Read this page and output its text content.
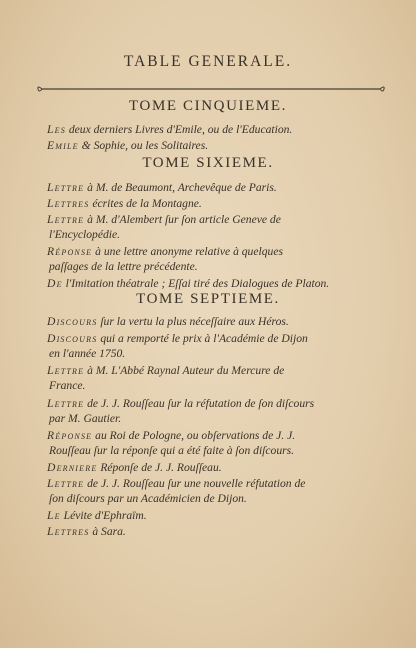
TABLE GENERALE.
TOME CINQUIEME.
Les deux derniers Livres d'Emile, ou de l'Education.
Emile & Sophie, ou les Solitaires.
TOME SIXIEME.
Lettre à M. de Beaumont, Archevêque de Paris.
Lettres écrites de la Montagne.
Lettre à M. d'Alembert ſur ſon article Geneve de
l'Encyclopédie.
Réponse à une lettre anonyme relative à quelques
paſſages de la lettre précédente.
De l'Imitation théatrale ; Eſſai tiré des Dialogues de Platon.
TOME SEPTIEME.
Discours ſur la vertu la plus néceſſaire aux Héros.
Discours qui a remporté le prix à l'Académie de Dijon
en l'année 1750.
Lettre à M. L'Abbé Raynal Auteur du Mercure de
France.
Lettre de J. J. Rouſſeau ſur la réfutation de ſon diſcours
par M. Gautier.
Réponse au Roi de Pologne, ou obſervations de J. J.
Rouſſeau ſur la réponſe qui a été faite à ſon diſcours.
Derniere Réponſe de J. J. Rouſſeau.
Lettre de J. J. Rouſſeau ſur une nouvelle réfutation de
ſon diſcours par un Académicien de Dijon.
Le Lévite d'Ephraïm.
Lettres à Sara.
